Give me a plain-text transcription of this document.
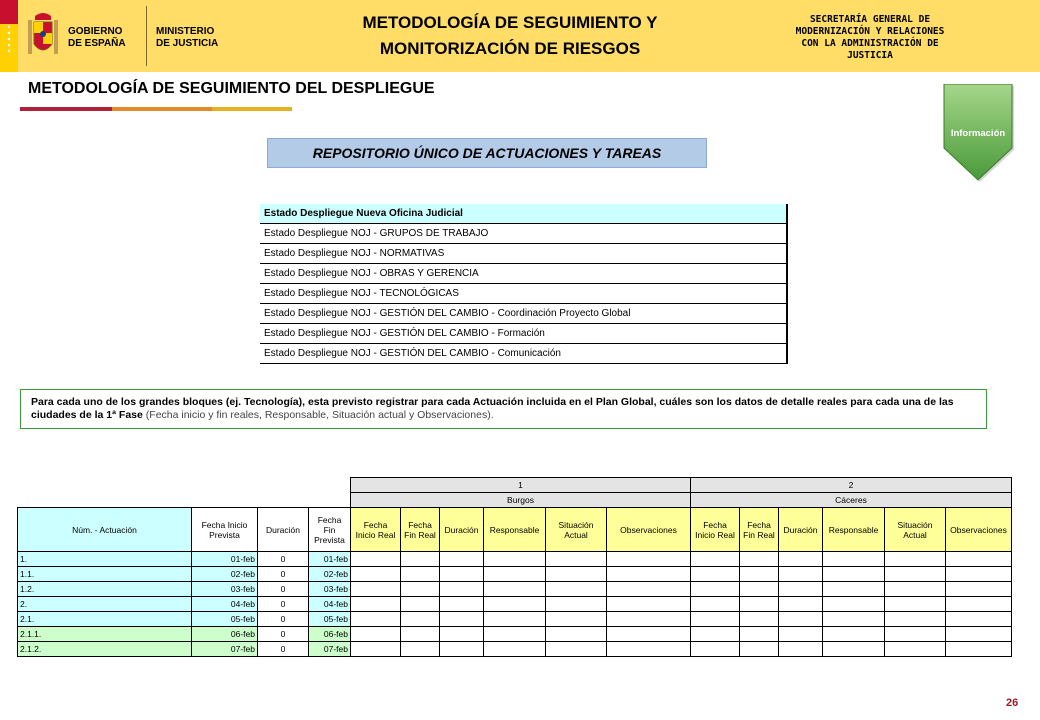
GOBIERNO
DE ESPAÑA
MINISTERIO
DE JUSTICIA
METODOLOGÍA DE SEGUIMIENTO Y
MONITORIZACIÓN DE RIESGOS
SECRETARÍA GENERAL DE
MODERNIZACIÓN Y RELACIONES
CON LA ADMINISTRACIÓN DE
JUSTICIA
METODOLOGÍA DE SEGUIMIENTO DEL DESPLIEGUE
Información
REPOSITORIO ÚNICO DE ACTUACIONES Y TAREAS
Estado Despliegue Nueva Oficina Judicial
Estado Despliegue NOJ - GRUPOS DE TRABAJO
Estado Despliegue NOJ - NORMATIVAS
Estado Despliegue NOJ - OBRAS Y GERENCIA
Estado Despliegue NOJ - TECNOLÓGICAS
Estado Despliegue NOJ - GESTIÓN DEL CAMBIO - Coordinación Proyecto Global
Estado Despliegue NOJ - GESTIÓN DEL CAMBIO - Formación
Estado Despliegue NOJ - GESTIÓN DEL CAMBIO - Comunicación
Para cada uno de los grandes bloques (ej. Tecnología), esta previsto registrar para cada Actuación incluida en el Plan Global, cuáles son los datos de detalle reales para cada una de las ciudades de la 1ª Fase (Fecha inicio y fin reales, Responsable, Situación actual y Observaciones).
				1						2					
				Burgos						Cáceres					
Núm. - Actuación	Fecha Inicio Prevista	Duración	Fecha Fin Prevista	Fecha Inicio Real	Fecha Fin Real	Duración	Responsable	Situación Actual	Observaciones	Fecha Inicio Real	Fecha Fin Real	Duración	Responsable	Situación Actual	Observaciones
1.	01-feb	0	01-feb												
1.1.	02-feb	0	02-feb												
1.2.	03-feb	0	03-feb												
2.	04-feb	0	04-feb												
2.1.	05-feb	0	05-feb												
2.1.1.	06-feb	0	06-feb												
2.1.2.	07-feb	0	07-feb												
26
